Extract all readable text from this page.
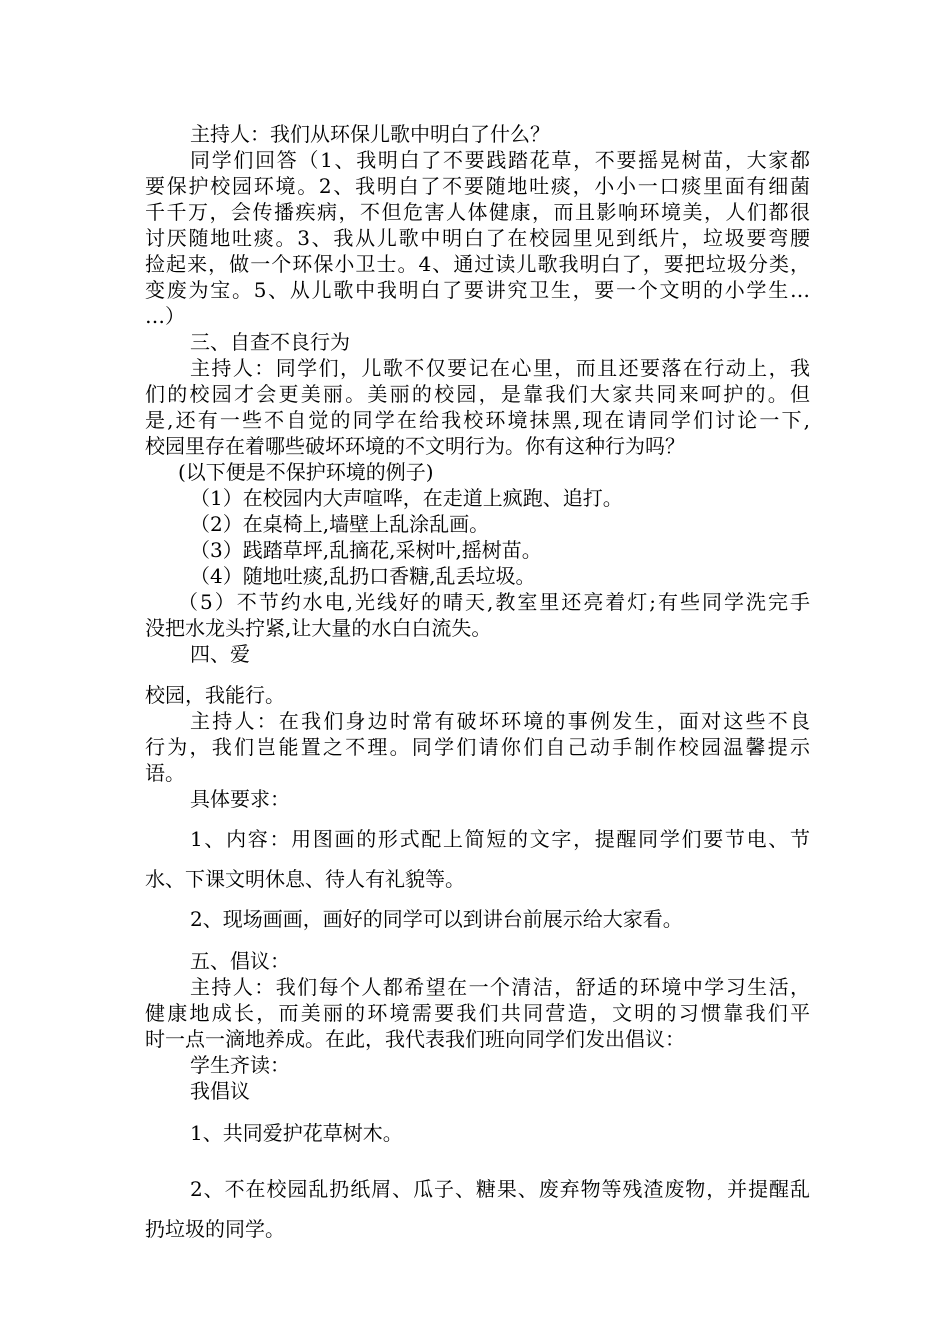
主持人：我们从环保儿歌中明白了什么？
同学们回答（1、我明白了不要践踏花草，不要摇晃树苗，大家都
要保护校园环境。2、我明白了不要随地吐痰，小小一口痰里面有细菌
千千万，会传播疾病，不但危害人体健康，而且影响环境美，人们都很
讨厌随地吐痰。3、我从儿歌中明白了在校园里见到纸片，垃圾要弯腰
捡起来，做一个环保小卫士。4、通过读儿歌我明白了，要把垃圾分类，
变废为宝。5、从儿歌中我明白了要讲究卫生，要一个文明的小学生…
…）
三、自查不良行为
主持人：同学们，儿歌不仅要记在心里，而且还要落在行动上，我
们的校园才会更美丽。美丽的校园，是靠我们大家共同来呵护的。但
是,还有一些不自觉的同学在给我校环境抹黑,现在请同学们讨论一下,
校园里存在着哪些破坏环境的不文明行为。你有这种行为吗？
(以下便是不保护环境的例子)
（1）在校园内大声喧哗，在走道上疯跑、追打。
（2）在桌椅上,墙壁上乱涂乱画。
（3）践踏草坪,乱摘花,采树叶,摇树苗。
（4）随地吐痰,乱扔口香糖,乱丢垃圾。
（5）不节约水电,光线好的晴天,教室里还亮着灯;有些同学洗完手
没把水龙头拧紧,让大量的水白白流失。
四、爱
校园，我能行。
主持人：在我们身边时常有破坏环境的事例发生，面对这些不良
行为，我们岂能置之不理。同学们请你们自己动手制作校园温馨提示
语。
具体要求：
1、内容：用图画的形式配上简短的文字，提醒同学们要节电、节
水、下课文明休息、待人有礼貌等。
2、现场画画，画好的同学可以到讲台前展示给大家看。
五、倡议：
主持人：我们每个人都希望在一个清洁，舒适的环境中学习生活，
健康地成长，而美丽的环境需要我们共同营造，文明的习惯靠我们平
时一点一滴地养成。在此，我代表我们班向同学们发出倡议：
学生齐读：
我倡议
1、共同爱护花草树木。
2、不在校园乱扔纸屑、瓜子、糖果、废弃物等残渣废物，并提醒乱
扔垃圾的同学。
